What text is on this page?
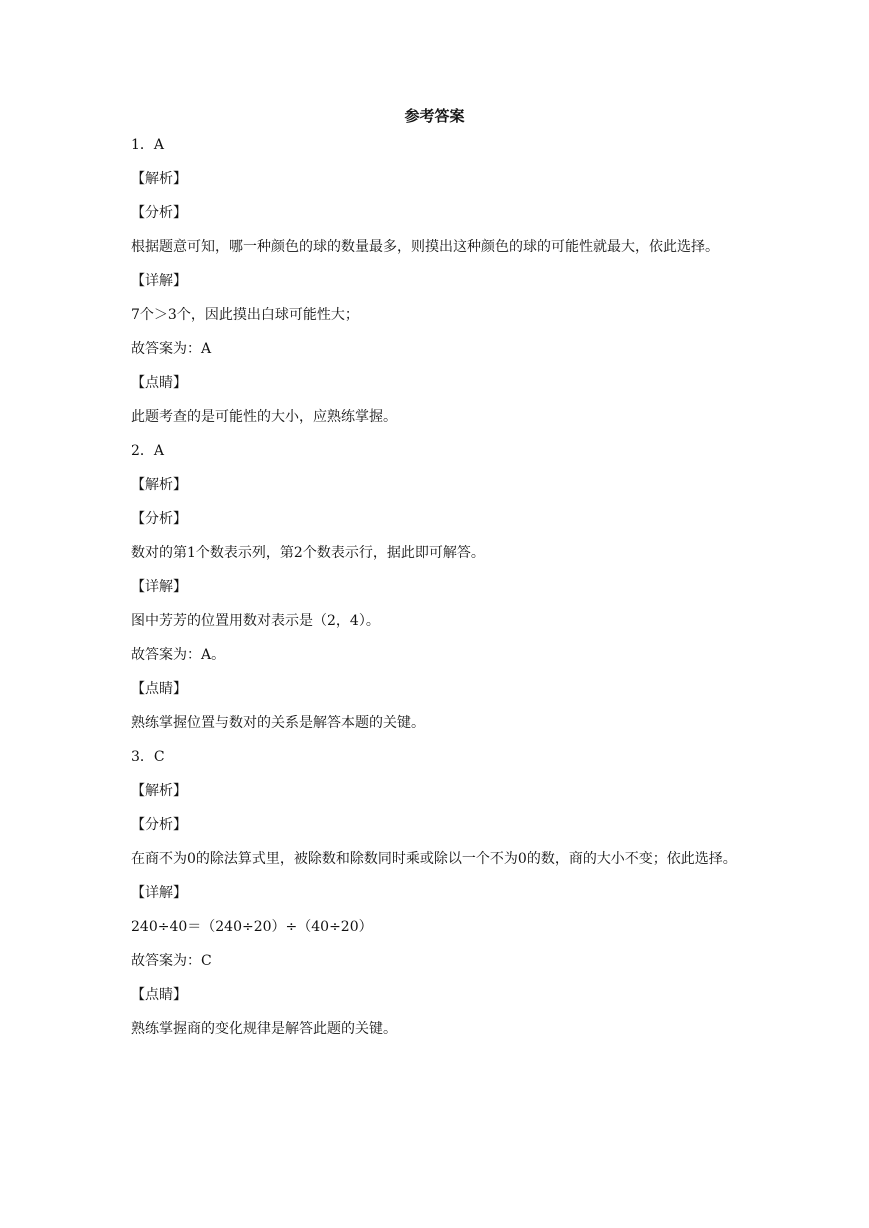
参考答案
1．A
【解析】
【分析】
根据题意可知，哪一种颜色的球的数量最多，则摸出这种颜色的球的可能性就最大，依此选择。
【详解】
7个＞3个，因此摸出白球可能性大；
故答案为：A
【点睛】
此题考查的是可能性的大小，应熟练掌握。
2．A
【解析】
【分析】
数对的第1个数表示列，第2个数表示行，据此即可解答。
【详解】
图中芳芳的位置用数对表示是（2，4）。
故答案为：A。
【点睛】
熟练掌握位置与数对的关系是解答本题的关键。
3．C
【解析】
【分析】
在商不为0的除法算式里，被除数和除数同时乘或除以一个不为0的数，商的大小不变；依此选择。
【详解】
240÷40＝（240÷20）÷（40÷20）
故答案为：C
【点睛】
熟练掌握商的变化规律是解答此题的关键。
